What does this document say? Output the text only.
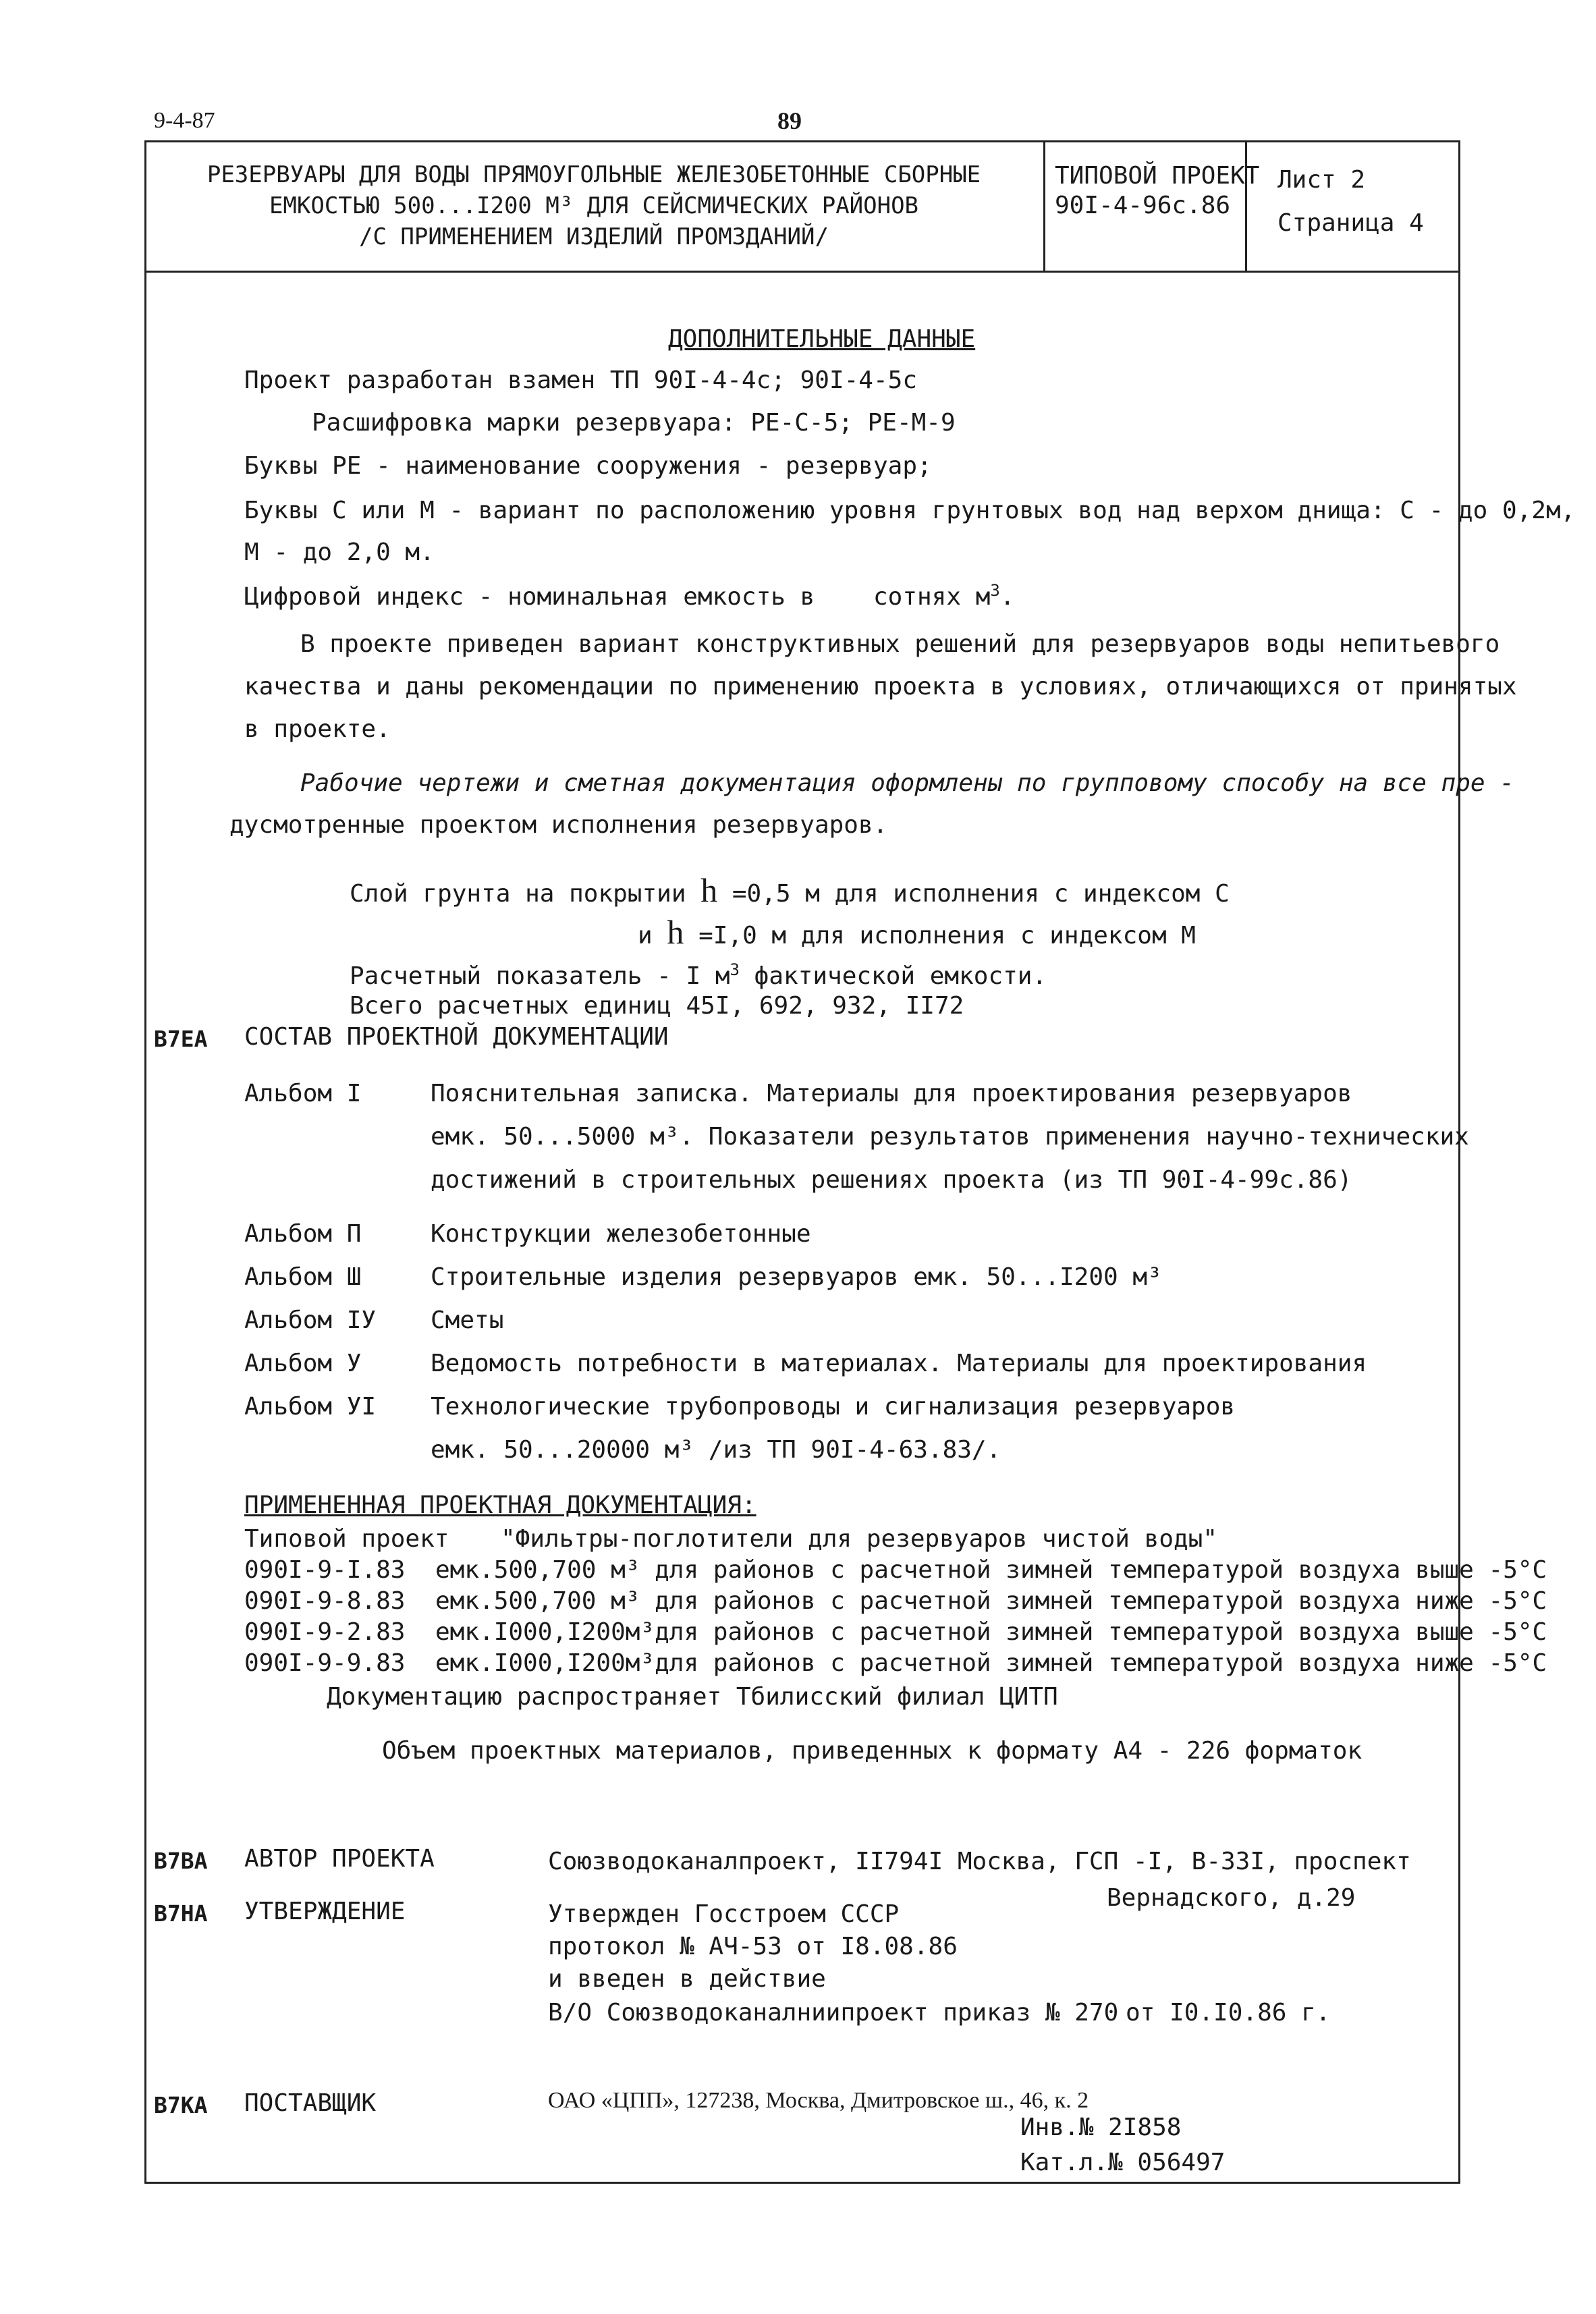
9-4-87	89
РЕЗЕРВУАРЫ ДЛЯ ВОДЫ ПРЯМОУГОЛЬНЫЕ ЖЕЛЕЗОБЕТОННЫЕ СБОРНЫЕ
ЕМКОСТЬЮ 500...I200 М³ ДЛЯ СЕЙСМИЧЕСКИХ РАЙОНОВ
/С ПРИМЕНЕНИЕМ ИЗДЕЛИЙ ПРОМЗДАНИЙ/
ТИПОВОЙ ПРОЕКТ
90I-4-96с.86
Лист 2
Страница 4
ДОПОЛНИТЕЛЬНЫЕ ДАННЫЕ
Проект разработан взамен ТП 90I-4-4с; 90I-4-5с
Расшифровка марки резервуара: РЕ-С-5; РЕ-М-9
Буквы РЕ - наименование сооружения - резервуар;
Буквы С или М - вариант по расположению уровня грунтовых вод над верхом днища: С - до 0,2м,
М - до 2,0 м.
Цифровой индекс - номинальная емкость в сотнях $м^3$.
В проекте приведен вариант конструктивных решений для резервуаров воды непитьевого
качества и даны рекомендации по применению проекта в условиях, отличающихся от принятых
в проекте.
Рабочие чертежи и сметная документация оформлены по групповому способу на все пре -
дусмотренные проектом исполнения резервуаров.
Слой грунта на покрытии h =0,5 м для исполнения с индексом С
и h =I,0 м для исполнения с индексом М
Расчетный показатель - I $м^3$ фактической емкости.
Всего расчетных единиц 45I, 692, 932, II72
В7ЕА СОСТАВ ПРОЕКТНОЙ ДОКУМЕНТАЦИИ
Альбом I	Пояснительная записка. Материалы для проектирования резервуаров
емк. 50...5000 м³. Показатели результатов применения научно-технических
достижений в строительных решениях проекта (из ТП 90I-4-99с.86)
Альбом П	Конструкции железобетонные
Альбом Ш	Строительные изделия резервуаров емк. 50...I200 м³
Альбом IУ Сметы
Альбом У	Ведомость потребности в материалах. Материалы для проектирования
Альбом УI Технологические трубопроводы и сигнализация резервуаров
емк. 50...20000 м³ /из ТП 90I-4-63.83/.
ПРИМЕНЕННАЯ ПРОЕКТНАЯ ДОКУМЕНТАЦИЯ:
Типовой проект "Фильтры-поглотители для резервуаров чистой воды"
090I-9-I.83 емк.500,700 м³ для районов с расчетной зимней температурой воздуха выше -5°С
090I-9-8.83 емк.500,700 м³ для районов с расчетной зимней температурой воздуха ниже -5°С
090I-9-2.83 емк.I000,I200м³для районов с расчетной зимней температурой воздуха выше -5°С
090I-9-9.83 емк.I000,I200м³для районов с расчетной зимней температурой воздуха ниже -5°С
Документацию распространяет Тбилисский филиал ЦИТП
Объем проектных материалов, приведенных к формату А4 - 226 форматок
В7ВА АВТОР ПРОЕКТА	Союзводоканалпроект, II794I Москва, ГСП -I, В-33I, проспект
Вернадского, д.29
В7НА УТВЕРЖДЕНИЕ	Утвержден Госстроем СССР
протокол № АЧ-53 от I8.08.86
и введен в действие
В/О Союзводоканалниипроект приказ № 270 от I0.I0.86 г.
В7КА ПОСТАВЩИК	ОАО «ЦПП», 127238, Москва, Дмитровское ш., 46, к. 2
Инв.№ 2I858
Кат.л.№ 056497
